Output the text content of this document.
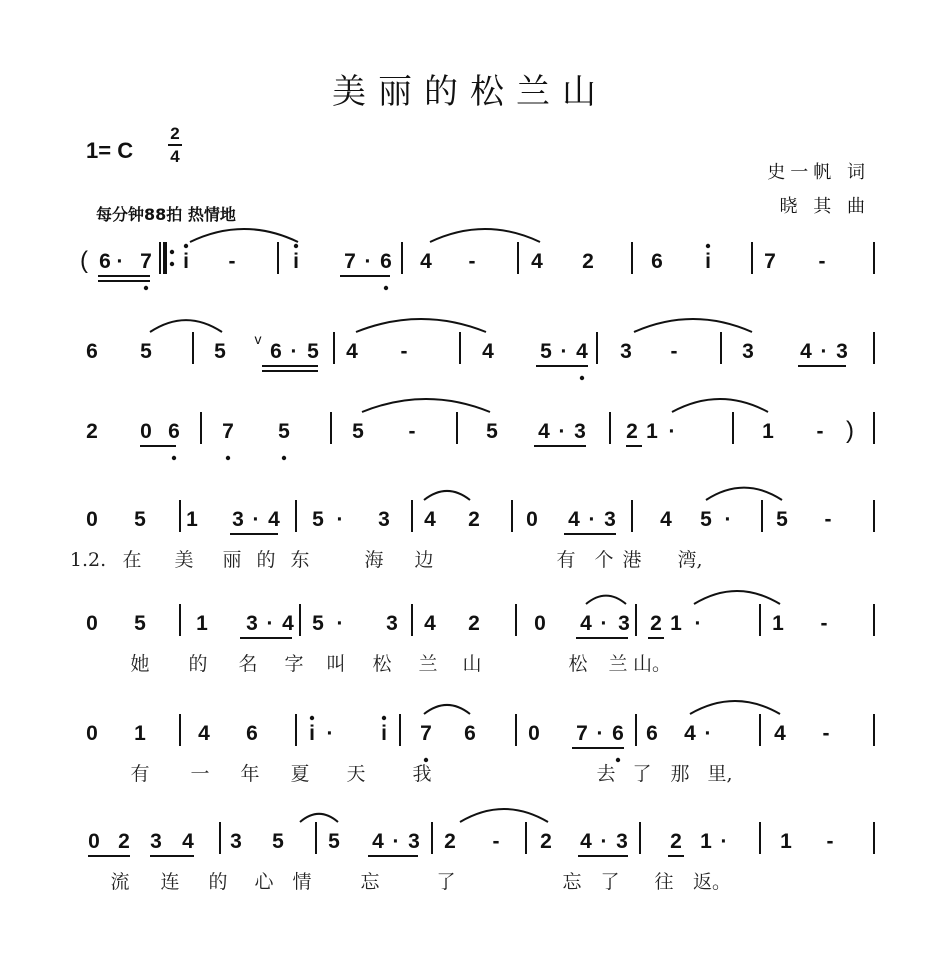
美丽的松兰山
1= C
2
4
史一帆 词
晓 其 曲
每分钟88拍 热情地
( 6 · 7 i -	i 7 · 6 4 -	4 2	6 i	7 -
6 5	5
v
6 · 5 4 -	4 5 · 4 3 -	3 4 · 3
2 0 6 7 5	5 -	5 4 · 3 2 1 ·	1 - )
0 5 1 3 · 4 5 · 3 4 2 0 4 · 3 4 5 · 5 -
1.2. 在 美 丽 的 东	海 边	有 个 港 湾,
0 5 1 3 · 4 5 · 3 4 2	0 4 · 3 2 1 ·	1 -
她 的 名 字 叫 松 兰 山	松 兰 山。
0 1 4 6 i · i 7 6 0 7 · 6 6 4 ·	4 -
有 一 年 夏 天 我	去 了 那 里,
0 2 3 4 3 5 5 4 · 3 2 - 2 4 · 3 2 1 ·	1 -
流 连 的 心 情	忘	了	忘 了 往 返。
